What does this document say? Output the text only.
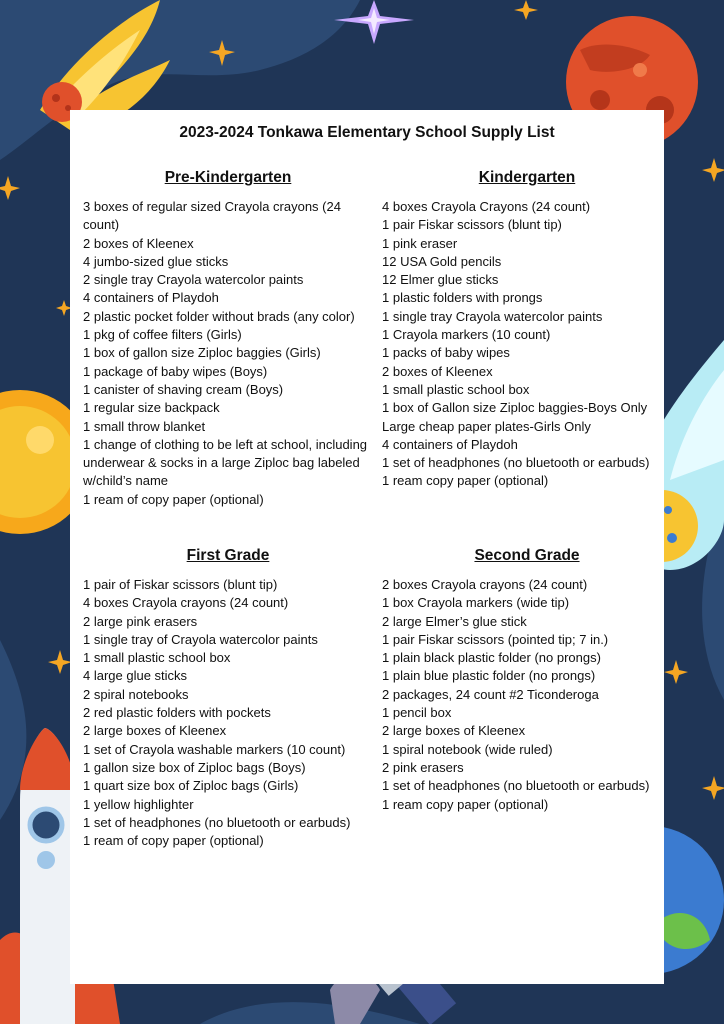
2023-2024 Tonkawa Elementary School Supply List
Pre-Kindergarten
3 boxes of regular sized Crayola crayons (24 count)
2 boxes of Kleenex
4 jumbo-sized glue sticks
2 single tray Crayola watercolor paints
4 containers of Playdoh
2 plastic pocket folder without brads (any color)
1 pkg of coffee filters (Girls)
1 box of gallon size Ziploc baggies (Girls)
1 package of baby wipes (Boys)
1 canister of shaving cream (Boys)
1 regular size backpack
1 small throw blanket
1 change of clothing to be left at school, including underwear & socks in a large Ziploc bag labeled w/child’s name
1 ream of copy paper (optional)
Kindergarten
4 boxes Crayola Crayons (24 count)
1 pair Fiskar scissors (blunt tip)
1 pink eraser
12 USA Gold pencils
12 Elmer glue sticks
1 plastic folders with prongs
1 single tray Crayola watercolor paints
1 Crayola markers (10 count)
1 packs of baby wipes
2 boxes of Kleenex
1 small plastic school box
1 box of Gallon size Ziploc baggies-Boys Only
Large cheap paper plates-Girls Only
4 containers of Playdoh
1 set of headphones (no bluetooth or earbuds)
1 ream copy paper (optional)
First Grade
1 pair of Fiskar scissors (blunt tip)
4 boxes Crayola crayons (24 count)
2 large pink erasers
1 single tray of Crayola watercolor paints
1 small plastic school box
4 large glue sticks
2 spiral notebooks
2 red plastic folders with pockets
2 large boxes of Kleenex
1 set of Crayola washable markers (10 count)
1 gallon size box of Ziploc bags (Boys)
1 quart size box of Ziploc bags (Girls)
1 yellow highlighter
1 set of headphones (no bluetooth or earbuds)
1 ream of copy paper (optional)
Second Grade
2 boxes Crayola crayons (24 count)
1 box Crayola markers (wide tip)
2 large Elmer’s glue stick
1 pair Fiskar scissors (pointed tip; 7 in.)
1 plain black plastic folder (no prongs)
1 plain blue plastic folder (no prongs)
2 packages, 24 count #2 Ticonderoga
1 pencil box
2 large boxes of Kleenex
1 spiral notebook (wide ruled)
2 pink erasers
1 set of headphones (no bluetooth or earbuds)
1 ream copy paper (optional)
